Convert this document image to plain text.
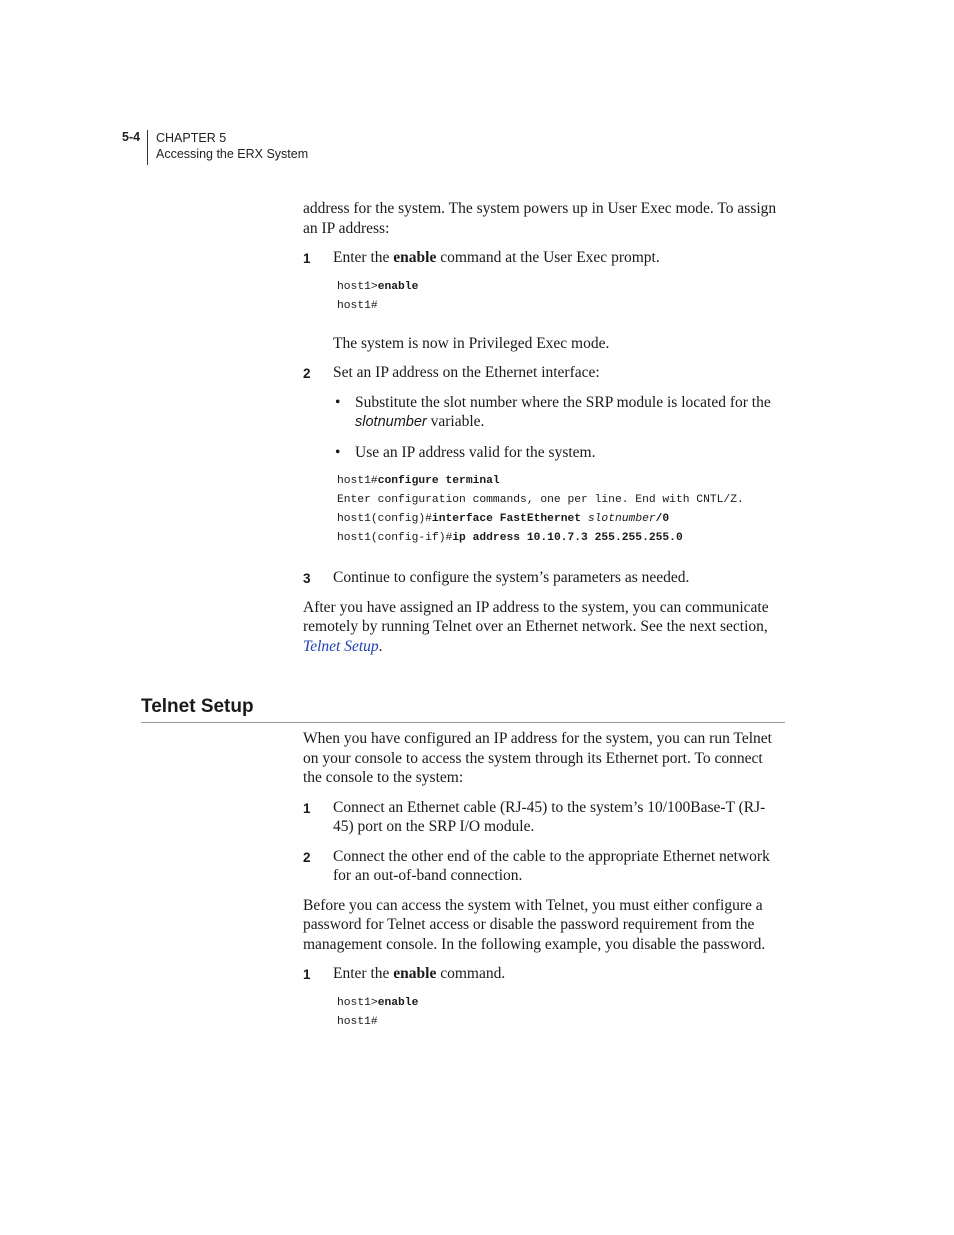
5-4 CHAPTER 5
Accessing the ERX System

address for the system. The system powers up in User Exec mode. To assign an IP address:

1 Enter the enable command at the User Exec prompt.
host1>enable
host1#

The system is now in Privileged Exec mode.

2 Set an IP address on the Ethernet interface:
• Substitute the slot number where the SRP module is located for the slotnumber variable.
• Use an IP address valid for the system.
host1#configure terminal
Enter configuration commands, one per line. End with CNTL/Z.
host1(config)#interface FastEthernet slotnumber/0
host1(config-if)#ip address 10.10.7.3 255.255.255.0
3 Continue to configure the system’s parameters as needed.

After you have assigned an IP address to the system, you can communicate remotely by running Telnet over an Ethernet network. See the next section, Telnet Setup.

Telnet Setup

When you have configured an IP address for the system, you can run Telnet on your console to access the system through its Ethernet port. To connect the console to the system:

1 Connect an Ethernet cable (RJ-45) to the system’s 10/100Base-T (RJ-45) port on the SRP I/O module.
2 Connect the other end of the cable to the appropriate Ethernet network for an out-of-band connection.

Before you can access the system with Telnet, you must either configure a password for Telnet access or disable the password requirement from the management console. In the following example, you disable the password.

1 Enter the enable command.
host1>enable
host1#
